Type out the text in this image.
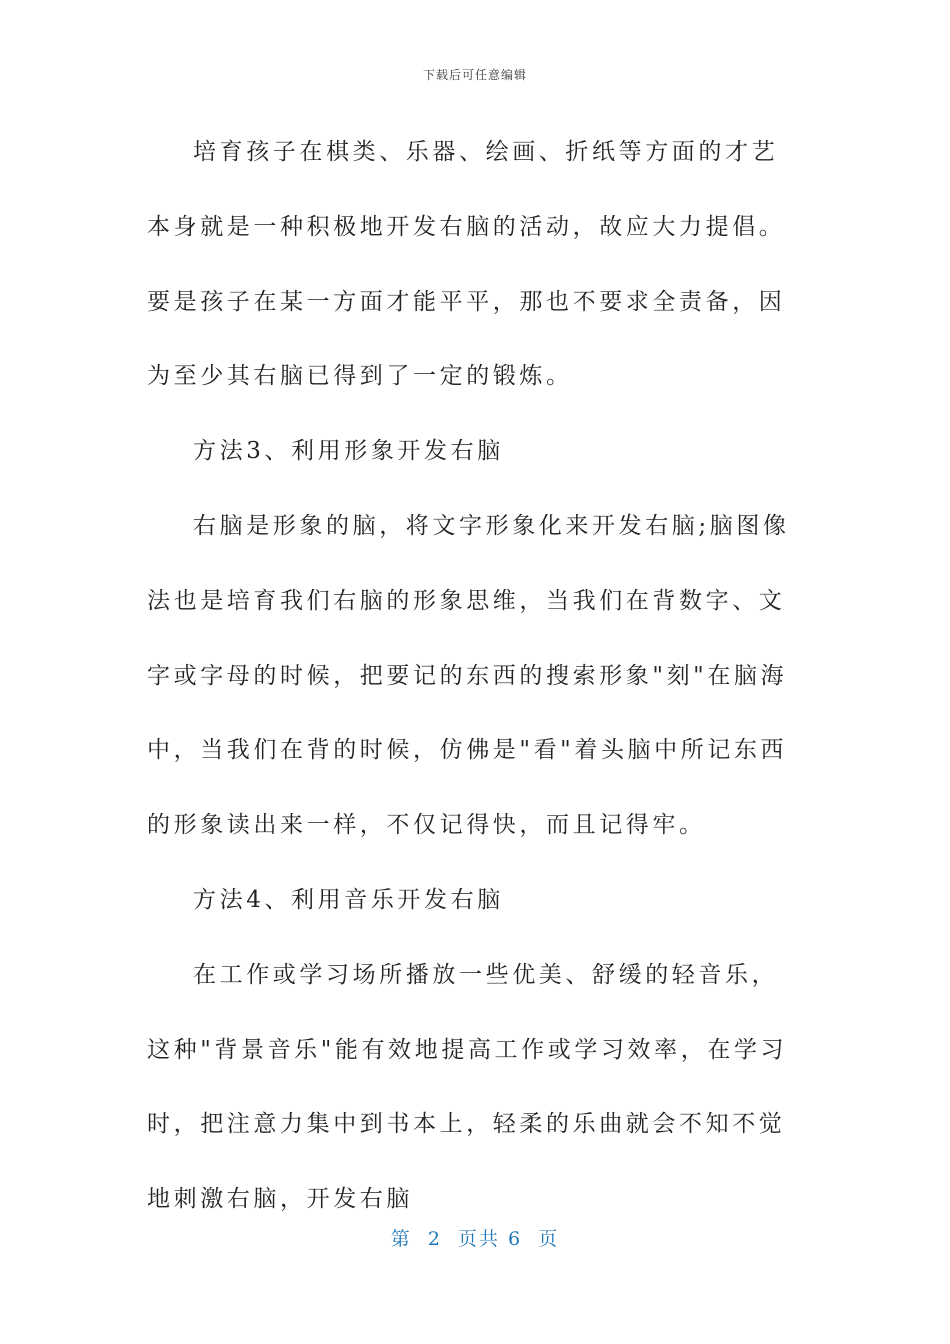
下载后可任意编辑

培育孩子在棋类、乐器、绘画、折纸等方面的才艺本身就是一种积极地开发右脑的活动，故应大力提倡。要是孩子在某一方面才能平平，那也不要求全责备，因为至少其右脑已得到了一定的锻炼。

方法3、利用形象开发右脑

右脑是形象的脑，将文字形象化来开发右脑;脑图像法也是培育我们右脑的形象思维，当我们在背数字、文字或字母的时候，把要记的东西的搜索形象"刻"在脑海中，当我们在背的时候，仿佛是"看"着头脑中所记东西的形象读出来一样，不仅记得快，而且记得牢。

方法4、利用音乐开发右脑

在工作或学习场所播放一些优美、舒缓的轻音乐，这种"背景音乐"能有效地提高工作或学习效率，在学习时，把注意力集中到书本上，轻柔的乐曲就会不知不觉地刺激右脑，开发右脑

第  2  页共 6  页
